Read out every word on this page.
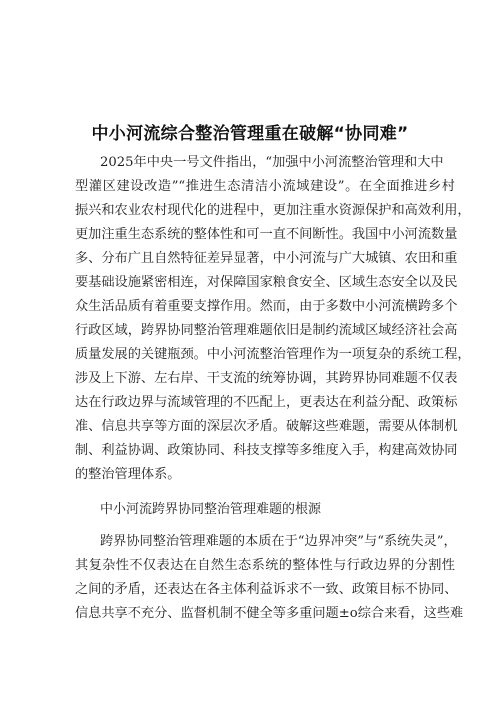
中小河流综合整治管理重在破解“协同难”
2025年中央一号文件指出，“加强中小河流整治管理和大中
型灌区建设改造”“推进生态清洁小流域建设”。在全面推进乡村
振兴和农业农村现代化的进程中，更加注重水资源保护和高效利用，
更加注重生态系统的整体性和可一直不间断性。我国中小河流数量
多、分布广且自然特征差异显著，中小河流与广大城镇、农田和重
要基础设施紧密相连，对保障国家粮食安全、区域生态安全以及民
众生活品质有着重要支撑作用。然而，由于多数中小河流横跨多个
行政区域，跨界协同整治管理难题依旧是制约流域区域经济社会高
质量发展的关键瓶颈。中小河流整治管理作为一项复杂的系统工程，
涉及上下游、左右岸、干支流的统筹协调，其跨界协同难题不仅表
达在行政边界与流域管理的不匹配上，更表达在利益分配、政策标
准、信息共享等方面的深层次矛盾。破解这些难题，需要从体制机
制、利益协调、政策协同、科技支撑等多维度入手，构建高效协同
的整治管理体系。
中小河流跨界协同整治管理难题的根源
跨界协同整治管理难题的本质在于“边界冲突”与“系统失灵”，
其复杂性不仅表达在自然生态系统的整体性与行政边界的分割性
之间的矛盾，还表达在各主体利益诉求不一致、政策目标不协同、
信息共享不充分、监督机制不健全等多重问题±o综合来看，这些难
